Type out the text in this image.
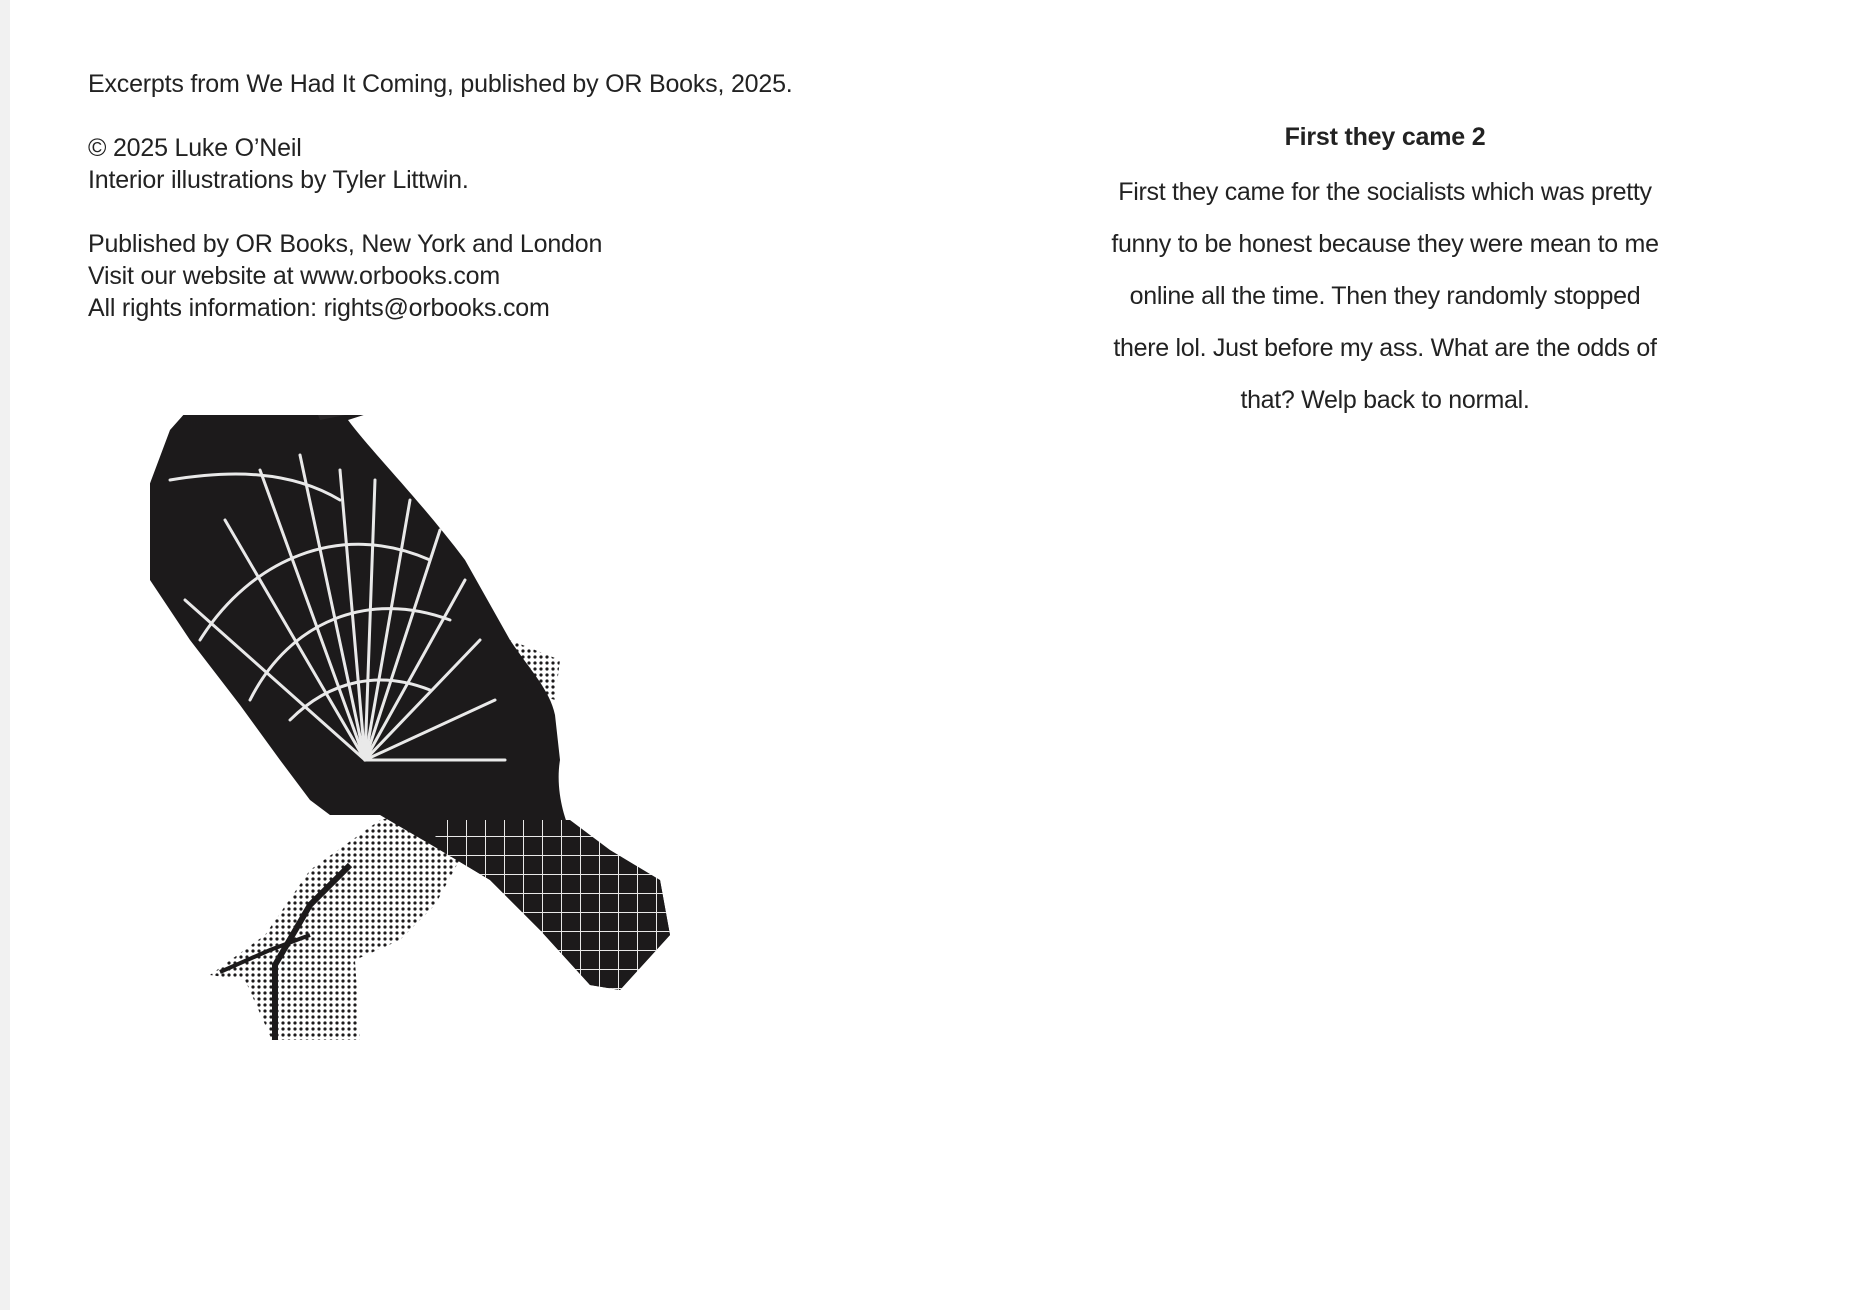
Excerpts from We Had It Coming, published by OR Books, 2025.

© 2025 Luke O’Neil

Interior illustrations by Tyler Littwin.

Published by OR Books, New York and London

Visit our website at www.orbooks.com

All rights information: rights@orbooks.com

First they came 2

First they came for the socialists which was pretty
funny to be honest because they were mean to me
online all the time. Then they randomly stopped
there lol. Just before my ass. What are the odds of
that? Welp back to normal.
